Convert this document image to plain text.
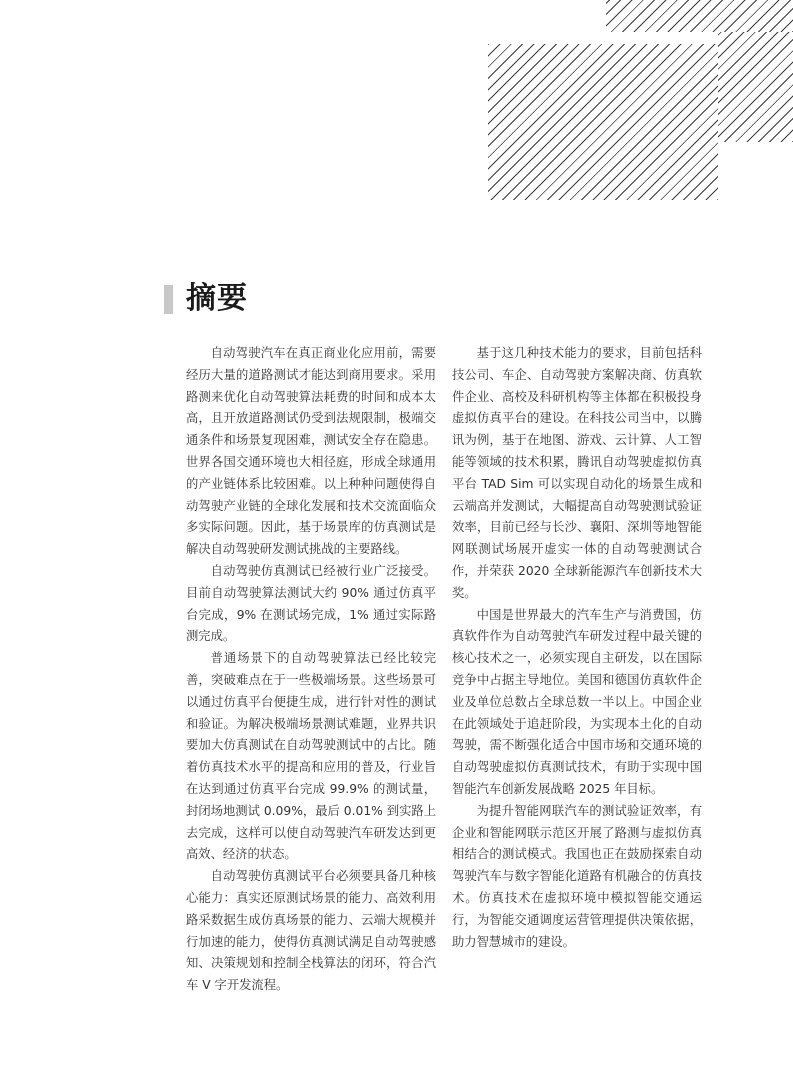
摘要

自动驾驶汽车在真正商业化应用前，需要经历大量的道路测试才能达到商用要求。采用路测来优化自动驾驶算法耗费的时间和成本太高，且开放道路测试仍受到法规限制，极端交通条件和场景复现困难，测试安全存在隐患。世界各国交通环境也大相径庭，形成全球通用的产业链体系比较困难。以上种种问题使得自动驾驶产业链的全球化发展和技术交流面临众多实际问题。因此，基于场景库的仿真测试是解决自动驾驶研发测试挑战的主要路线。

自动驾驶仿真测试已经被行业广泛接受。目前自动驾驶算法测试大约 90% 通过仿真平台完成，9% 在测试场完成，1% 通过实际路测完成。

普通场景下的自动驾驶算法已经比较完善，突破难点在于一些极端场景。这些场景可以通过仿真平台便捷生成，进行针对性的测试和验证。为解决极端场景测试难题，业界共识要加大仿真测试在自动驾驶测试中的占比。随着仿真技术水平的提高和应用的普及，行业旨在达到通过仿真平台完成 99.9% 的测试量，封闭场地测试 0.09%，最后 0.01% 到实路上去完成，这样可以使自动驾驶汽车研发达到更高效、经济的状态。

自动驾驶仿真测试平台必须要具备几种核心能力：真实还原测试场景的能力、高效利用路采数据生成仿真场景的能力、云端大规模并行加速的能力，使得仿真测试满足自动驾驶感知、决策规划和控制全栈算法的闭环，符合汽车 V 字开发流程。

基于这几种技术能力的要求，目前包括科技公司、车企、自动驾驶方案解决商、仿真软件企业、高校及科研机构等主体都在积极投身虚拟仿真平台的建设。在科技公司当中，以腾讯为例，基于在地图、游戏、云计算、人工智能等领域的技术积累，腾讯自动驾驶虚拟仿真平台 TAD Sim 可以实现自动化的场景生成和云端高并发测试，大幅提高自动驾驶测试验证效率，目前已经与长沙、襄阳、深圳等地智能网联测试场展开虚实一体的自动驾驶测试合作，并荣获 2020 全球新能源汽车创新技术大奖。

中国是世界最大的汽车生产与消费国，仿真软件作为自动驾驶汽车研发过程中最关键的核心技术之一，必须实现自主研发，以在国际竞争中占据主导地位。美国和德国仿真软件企业及单位总数占全球总数一半以上。中国企业在此领域处于追赶阶段，为实现本土化的自动驾驶，需不断强化适合中国市场和交通环境的自动驾驶虚拟仿真测试技术，有助于实现中国智能汽车创新发展战略 2025 年目标。

为提升智能网联汽车的测试验证效率，有企业和智能网联示范区开展了路测与虚拟仿真相结合的测试模式。我国也正在鼓励探索自动驾驶汽车与数字智能化道路有机融合的仿真技术。仿真技术在虚拟环境中模拟智能交通运行，为智能交通调度运营管理提供决策依据，助力智慧城市的建设。
